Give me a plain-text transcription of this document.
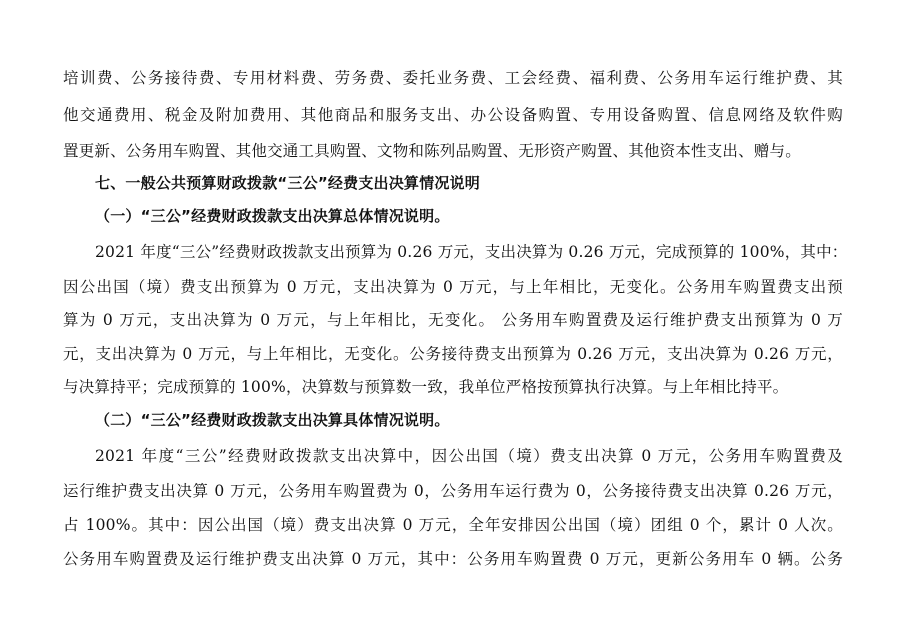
培训费、公务接待费、专用材料费、劳务费、委托业务费、工会经费、福利费、公务用车运行维护费、其
他交通费用、税金及附加费用、其他商品和服务支出、办公设备购置、专用设备购置、信息网络及软件购
置更新、公务用车购置、其他交通工具购置、文物和陈列品购置、无形资产购置、其他资本性支出、赠与。
七、一般公共预算财政拨款“三公”经费支出决算情况说明
（一）“三公”经费财政拨款支出决算总体情况说明。
2021 年度“三公”经费财政拨款支出预算为 0.26 万元，支出决算为 0.26 万元，完成预算的 100%，其中：
因公出国（境）费支出预算为 0 万元，支出决算为 0 万元，与上年相比，无变化。公务用车购置费支出预
算为 0 万元，支出决算为 0 万元，与上年相比，无变化。 公务用车购置费及运行维护费支出预算为 0 万
元，支出决算为 0 万元，与上年相比，无变化。公务接待费支出预算为 0.26 万元，支出决算为 0.26 万元，
与决算持平；完成预算的 100%，决算数与预算数一致，我单位严格按预算执行决算。与上年相比持平。
（二）“三公”经费财政拨款支出决算具体情况说明。
2021 年度“三公”经费财政拨款支出决算中，因公出国（境）费支出决算 0 万元，公务用车购置费及
运行维护费支出决算 0 万元，公务用车购置费为 0，公务用车运行费为 0，公务接待费支出决算 0.26 万元，
占 100%。其中：因公出国（境）费支出决算 0 万元，全年安排因公出国（境）团组 0 个，累计 0 人次。
公务用车购置费及运行维护费支出决算 0 万元，其中：公务用车购置费 0 万元，更新公务用车 0 辆。公务
